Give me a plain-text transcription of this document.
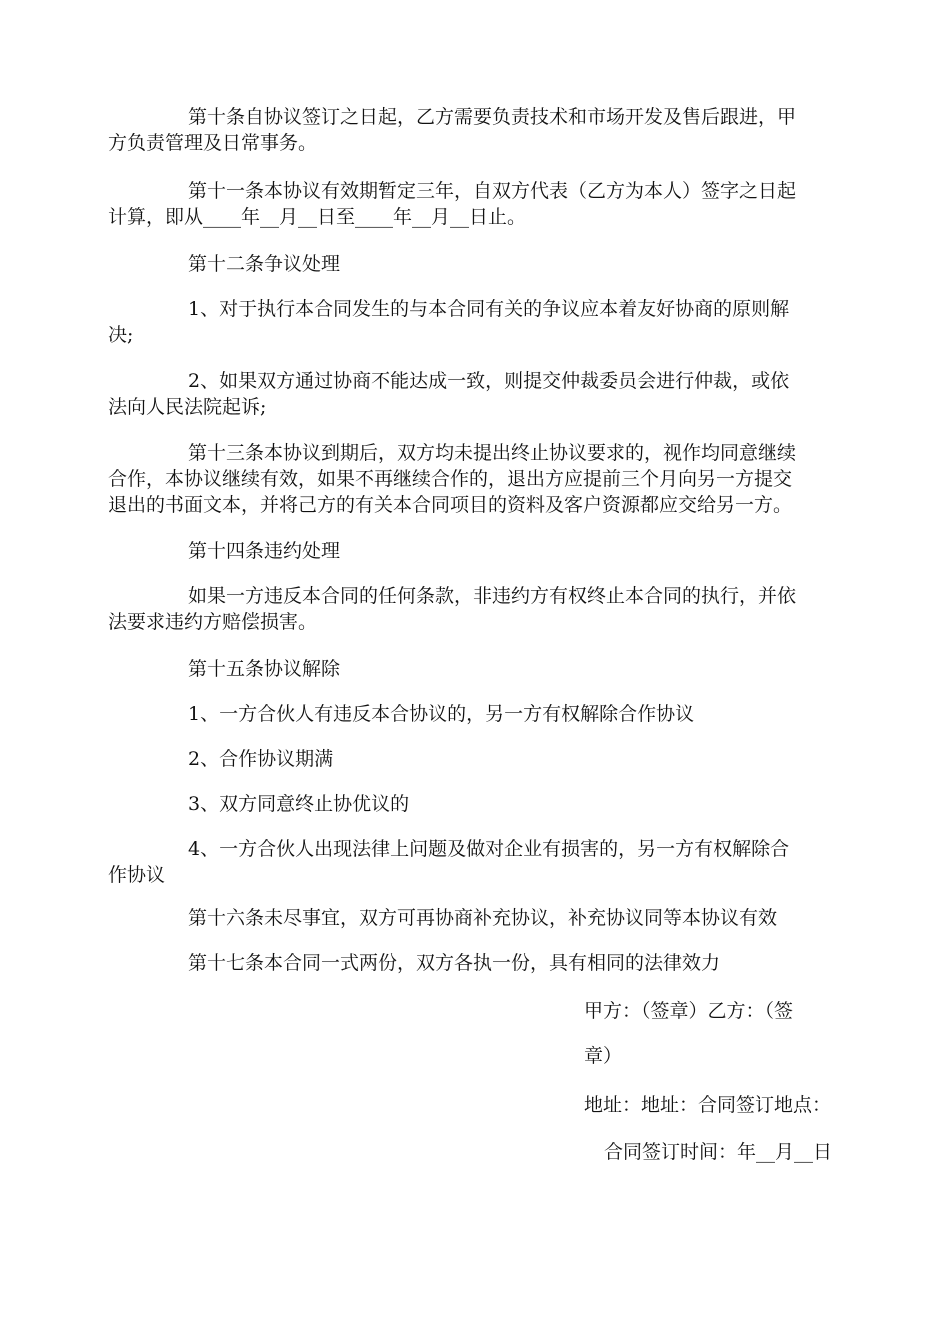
第十条自协议签订之日起，乙方需要负责技术和市场开发及售后跟进，甲
方负责管理及日常事务。

第十一条本协议有效期暂定三年，自双方代表（乙方为本人）签字之日起
计算，即从____年__月__日至____年__月__日止。

第十二条争议处理

1、对于执行本合同发生的与本合同有关的争议应本着友好协商的原则解
决;

2、如果双方通过协商不能达成一致，则提交仲裁委员会进行仲裁，或依
法向人民法院起诉;

第十三条本协议到期后，双方均未提出终止协议要求的，视作均同意继续
合作，本协议继续有效，如果不再继续合作的，退出方应提前三个月向另一方提交
退出的书面文本，并将己方的有关本合同项目的资料及客户资源都应交给另一方。

第十四条违约处理

如果一方违反本合同的任何条款，非违约方有权终止本合同的执行，并依
法要求违约方赔偿损害。

第十五条协议解除

1、一方合伙人有违反本合协议的，另一方有权解除合作协议

2、合作协议期满

3、双方同意终止协优议的

4、一方合伙人出现法律上问题及做对企业有损害的，另一方有权解除合
作协议

第十六条未尽事宜，双方可再协商补充协议，补充协议同等本协议有效

第十七条本合同一式两份，双方各执一份，具有相同的法律效力

甲方：（签章）乙方：（签
章）
地址：地址：合同签订地点：
合同签订时间：年__月__日
